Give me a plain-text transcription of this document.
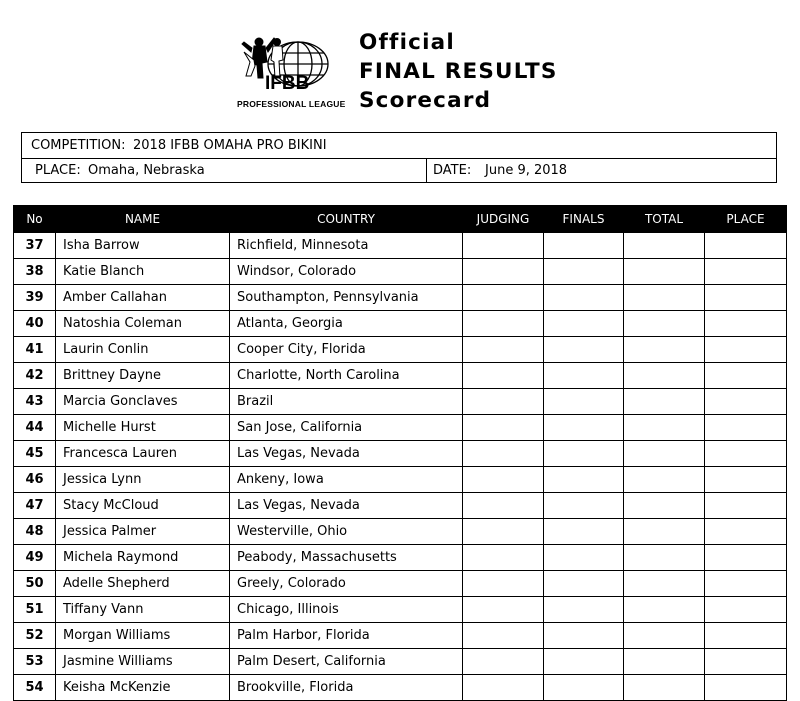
IFBB
PROFESSIONAL LEAGUE
Official
FINAL RESULTS
Scorecard
COMPETITION: 2018 IFBB OMAHA PRO BIKINI
PLACE: Omaha, Nebraska	DATE: June 9, 2018
No	NAME	COUNTRY	JUDGING	FINALS	TOTAL	PLACE
37	Isha Barrow	Richfield, Minnesota				
38	Katie Blanch	Windsor, Colorado				
39	Amber Callahan	Southampton, Pennsylvania				
40	Natoshia Coleman	Atlanta, Georgia				
41	Laurin Conlin	Cooper City, Florida				
42	Brittney Dayne	Charlotte, North Carolina				
43	Marcia Gonclaves	Brazil				
44	Michelle Hurst	San Jose, California				
45	Francesca Lauren	Las Vegas, Nevada				
46	Jessica Lynn	Ankeny, Iowa				
47	Stacy McCloud	Las Vegas, Nevada				
48	Jessica Palmer	Westerville, Ohio				
49	Michela Raymond	Peabody, Massachusetts				
50	Adelle Shepherd	Greely, Colorado				
51	Tiffany Vann	Chicago, Illinois				
52	Morgan Williams	Palm Harbor, Florida				
53	Jasmine Williams	Palm Desert, California				
54	Keisha McKenzie	Brookville, Florida				
